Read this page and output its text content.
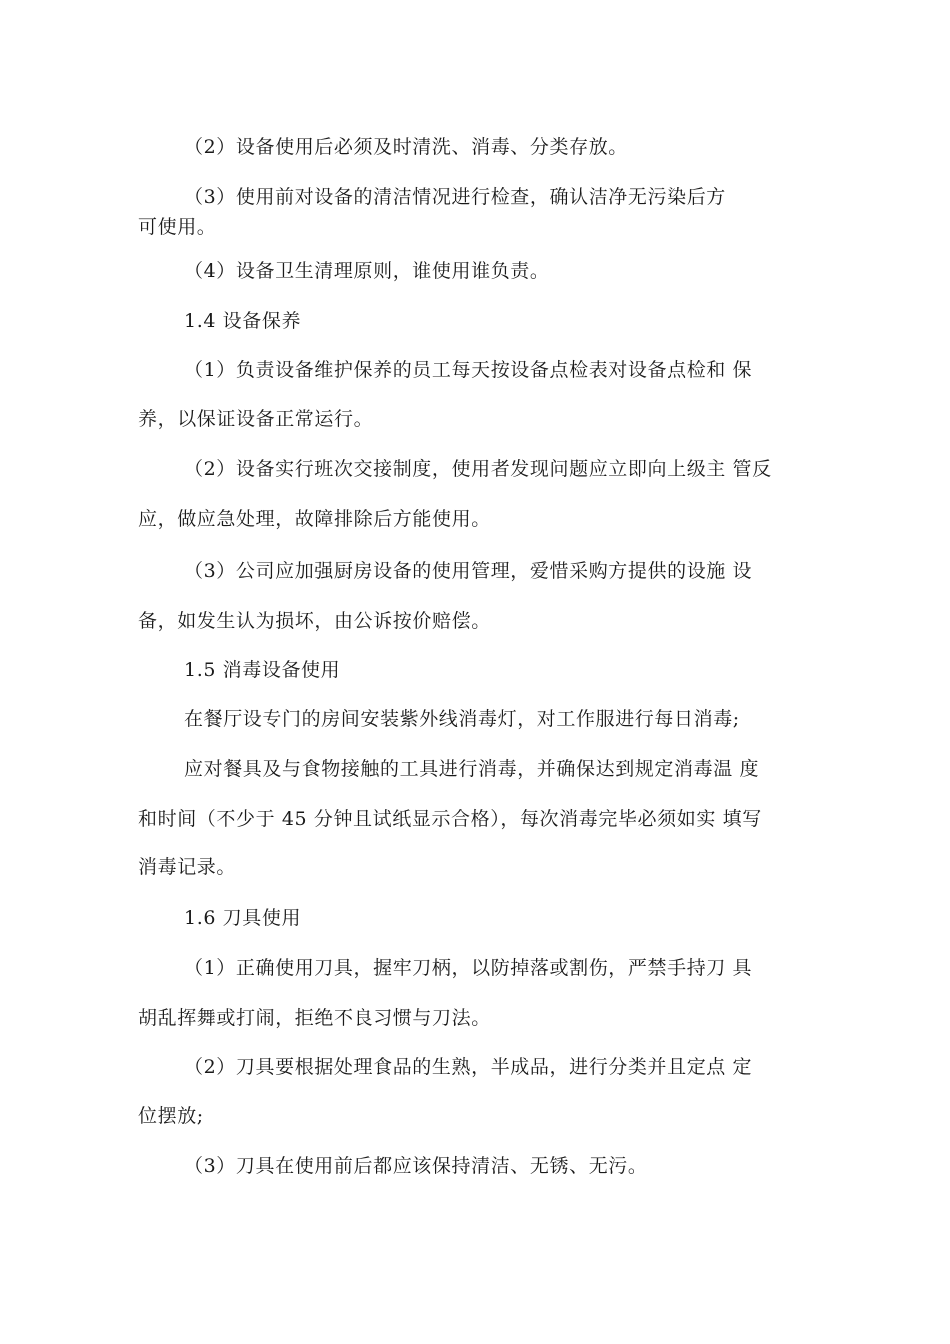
（2）设备使用后必须及时清洗、消毒、分类存放。
（3）使用前对设备的清洁情况进行检查，确认洁净无污染后方
可使用。
（4）设备卫生清理原则，谁使用谁负责。
1.4 设备保养
（1）负责设备维护保养的员工每天按设备点检表对设备点检和 保
养，以保证设备正常运行。
（2）设备实行班次交接制度，使用者发现问题应立即向上级主 管反
应，做应急处理，故障排除后方能使用。
（3）公司应加强厨房设备的使用管理，爱惜采购方提供的设施 设
备，如发生认为损坏，由公诉按价赔偿。
1.5 消毒设备使用
在餐厅设专门的房间安装紫外线消毒灯，对工作服进行每日消毒;
应对餐具及与食物接触的工具进行消毒，并确保达到规定消毒温 度
和时间（不少于 45 分钟且试纸显示合格），每次消毒完毕必须如实 填写
消毒记录。
1.6 刀具使用
（1）正确使用刀具，握牢刀柄，以防掉落或割伤，严禁手持刀 具
胡乱挥舞或打闹，拒绝不良习惯与刀法。
（2）刀具要根据处理食品的生熟，半成品，进行分类并且定点 定
位摆放;
（3）刀具在使用前后都应该保持清洁、无锈、无污。
